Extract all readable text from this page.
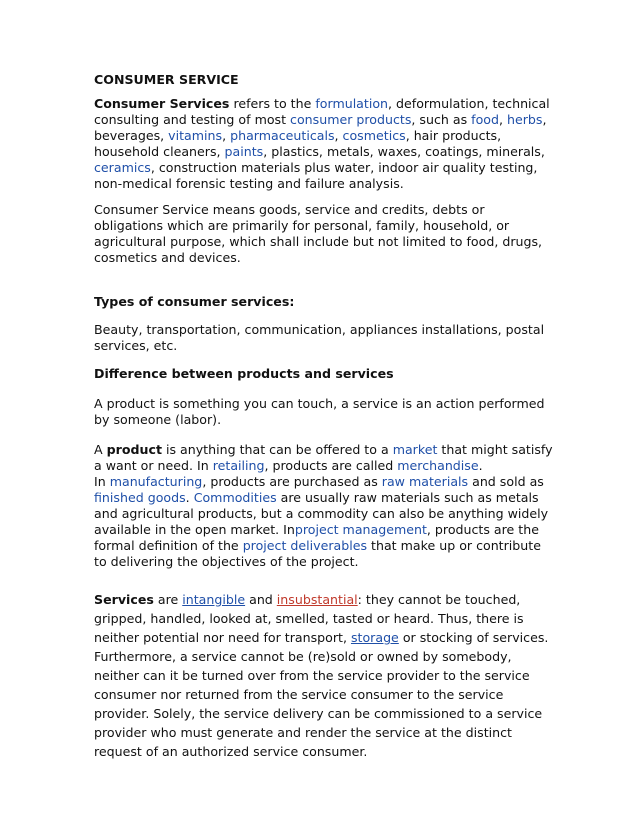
CONSUMER SERVICE

Consumer Services refers to the formulation, deformulation, technical consulting and testing of most consumer products, such as food, herbs, beverages, vitamins, pharmaceuticals, cosmetics, hair products, household cleaners, paints, plastics, metals, waxes, coatings, minerals, ceramics, construction materials plus water, indoor air quality testing, non-medical forensic testing and failure analysis.

Consumer Service means goods, service and credits, debts or obligations which are primarily for personal, family, household, or agricultural purpose, which shall include but not limited to food, drugs, cosmetics and devices.

Types of consumer services:

Beauty, transportation, communication, appliances installations, postal services, etc.

Difference between products and services

A product is something you can touch, a service is an action performed by someone (labor).

A product is anything that can be offered to a market that might satisfy a want or need. In retailing, products are called merchandise.
In manufacturing, products are purchased as raw materials and sold as finished goods. Commodities are usually raw materials such as metals and agricultural products, but a commodity can also be anything widely available in the open market. Inproject management, products are the formal definition of the project deliverables that make up or contribute to delivering the objectives of the project.

Services are intangible and insubstantial: they cannot be touched, gripped, handled, looked at, smelled, tasted or heard. Thus, there is neither potential nor need for transport, storage or stocking of services. Furthermore, a service cannot be (re)sold or owned by somebody, neither can it be turned over from the service provider to the service consumer nor returned from the service consumer to the service provider. Solely, the service delivery can be commissioned to a service provider who must generate and render the service at the distinct request of an authorized service consumer.
